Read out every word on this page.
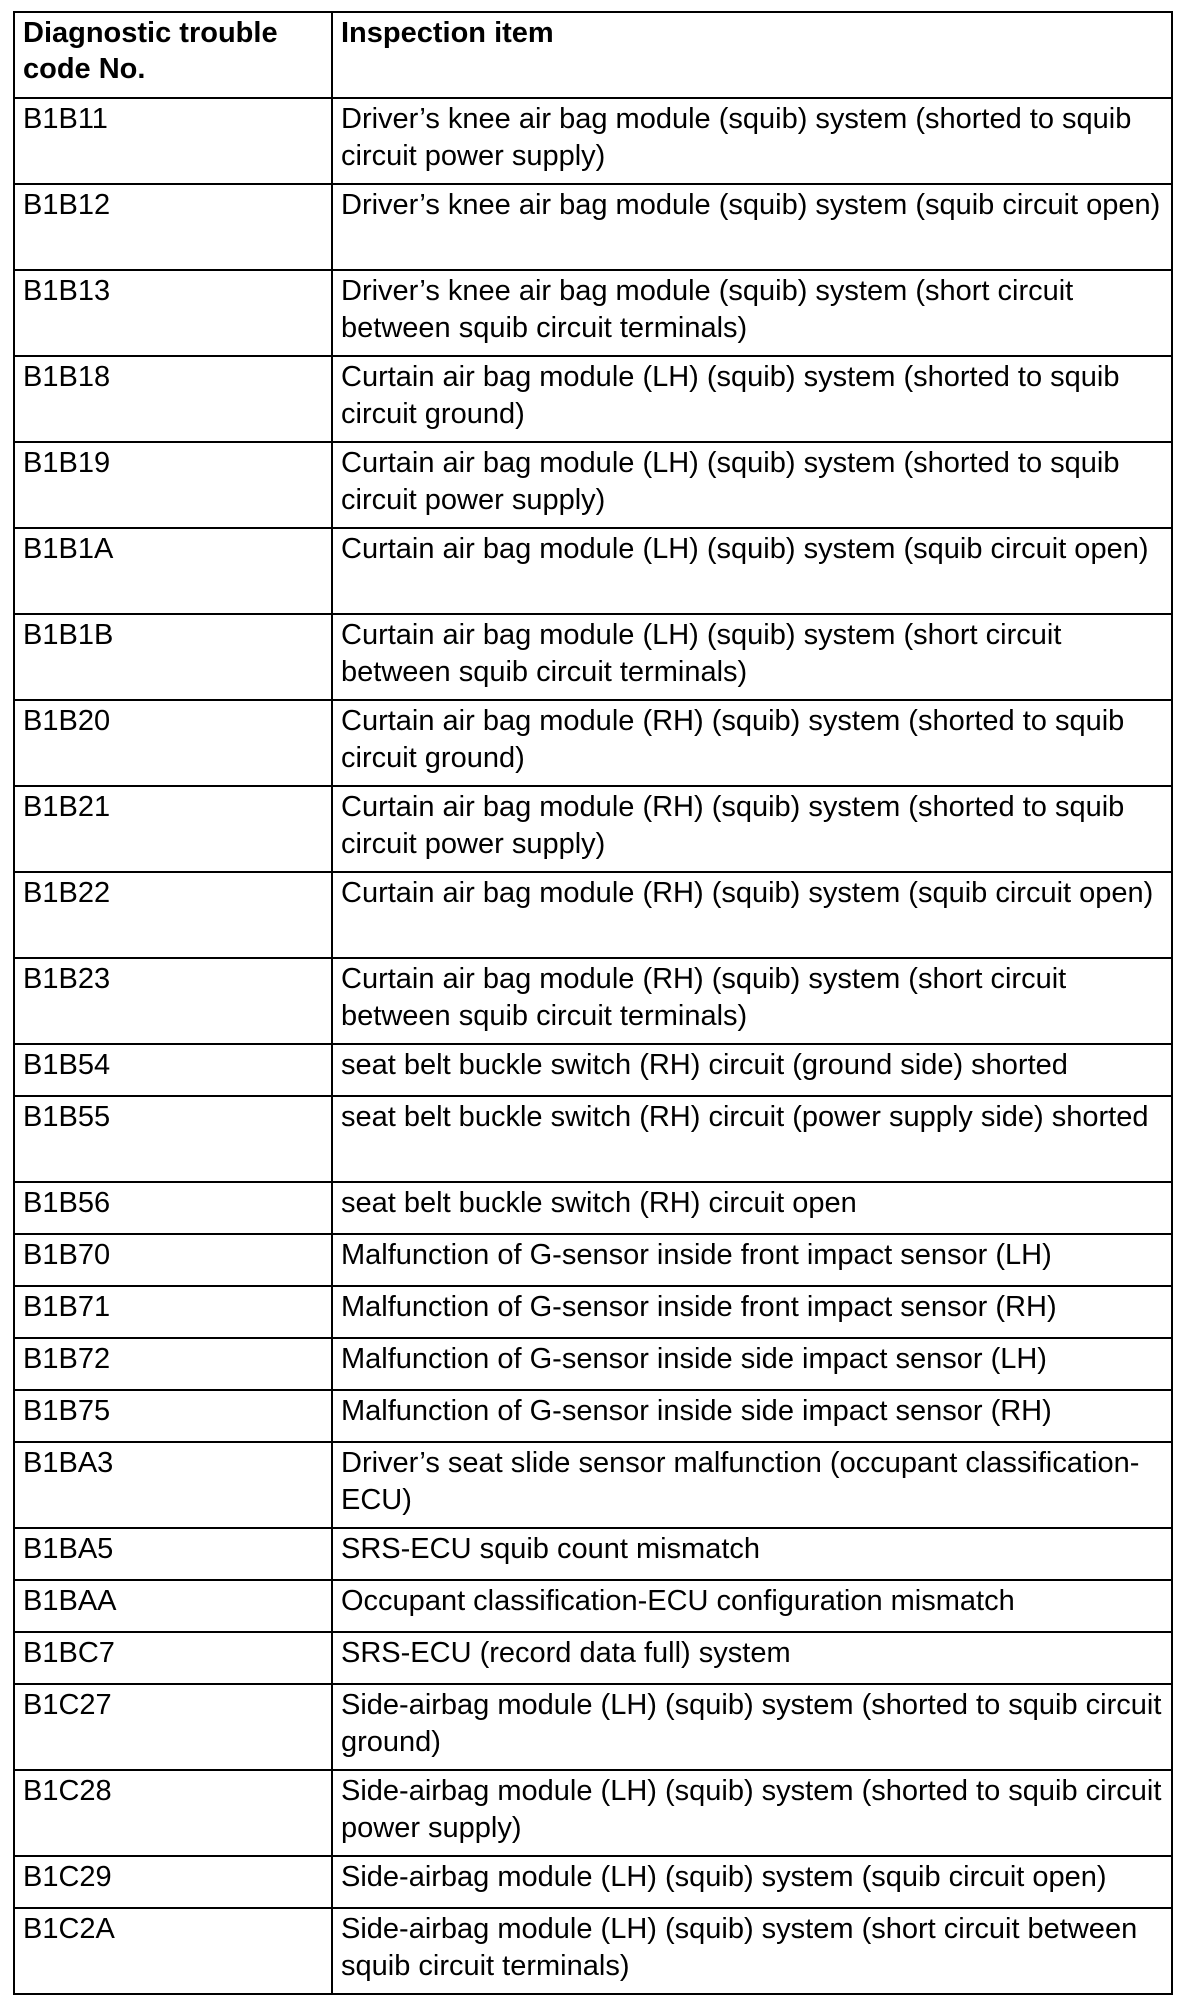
Diagnostic trouble code No.	Inspection item
B1B11	Driver’s knee air bag module (squib) system (shorted to squib circuit power supply)
B1B12	Driver’s knee air bag module (squib) system (squib circuit open)
B1B13	Driver’s knee air bag module (squib) system (short circuit between squib circuit terminals)
B1B18	Curtain air bag module (LH) (squib) system (shorted to squib circuit ground)
B1B19	Curtain air bag module (LH) (squib) system (shorted to squib circuit power supply)
B1B1A	Curtain air bag module (LH) (squib) system (squib circuit open)
B1B1B	Curtain air bag module (LH) (squib) system (short circuit between squib circuit terminals)
B1B20	Curtain air bag module (RH) (squib) system (shorted to squib circuit ground)
B1B21	Curtain air bag module (RH) (squib) system (shorted to squib circuit power supply)
B1B22	Curtain air bag module (RH) (squib) system (squib circuit open)
B1B23	Curtain air bag module (RH) (squib) system (short circuit between squib circuit terminals)
B1B54	seat belt buckle switch (RH) circuit (ground side) shorted
B1B55	seat belt buckle switch (RH) circuit (power supply side) shorted
B1B56	seat belt buckle switch (RH) circuit open
B1B70	Malfunction of G-sensor inside front impact sensor (LH)
B1B71	Malfunction of G-sensor inside front impact sensor (RH)
B1B72	Malfunction of G-sensor inside side impact sensor (LH)
B1B75	Malfunction of G-sensor inside side impact sensor (RH)
B1BA3	Driver’s seat slide sensor malfunction (occupant classification-ECU)
B1BA5	SRS-ECU squib count mismatch
B1BAA	Occupant classification-ECU configuration mismatch
B1BC7	SRS-ECU (record data full) system
B1C27	Side-airbag module (LH) (squib) system (shorted to squib circuit ground)
B1C28	Side-airbag module (LH) (squib) system (shorted to squib circuit power supply)
B1C29	Side-airbag module (LH) (squib) system (squib circuit open)
B1C2A	Side-airbag module (LH) (squib) system (short circuit between squib circuit terminals)
